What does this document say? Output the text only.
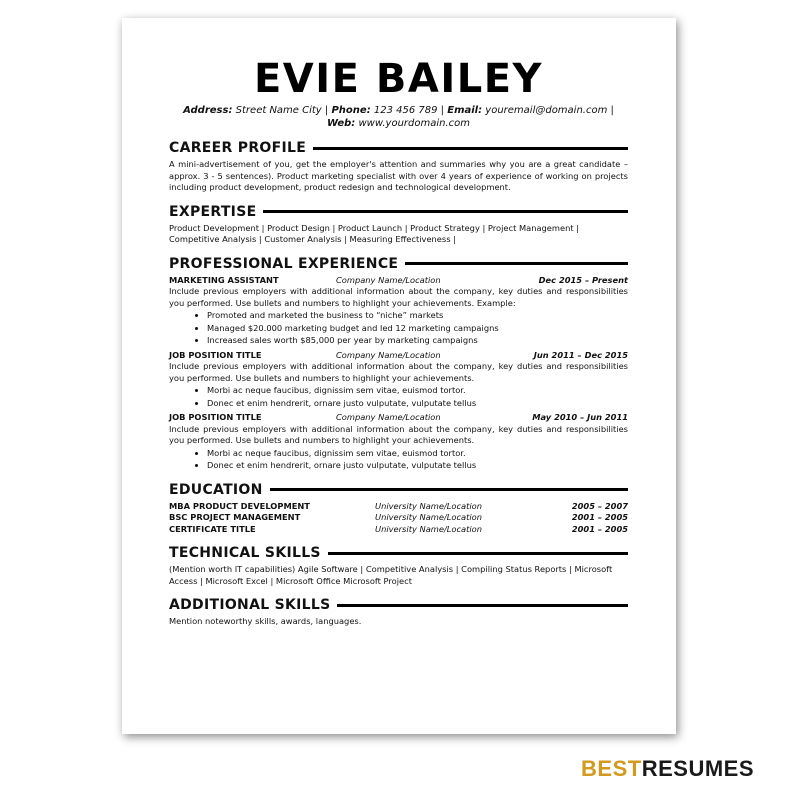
EVIE BAILEY
Address: Street Name City | Phone: 123 456 789 | Email: youremail@domain.com |
Web: www.yourdomain.com
CAREER PROFILE
A mini-advertisement of you, get the employer's attention and summaries why you are a great candidate – approx. 3 - 5 sentences). Product marketing specialist with over 4 years of experience of working on projects including product development, product redesign and technological development.
EXPERTISE
Product Development | Product Design | Product Launch | Product Strategy | Project Management | Competitive Analysis | Customer Analysis | Measuring Effectiveness |
PROFESSIONAL EXPERIENCE
MARKETING ASSISTANT	Company Name/Location	Dec 2015 – Present
Include previous employers with additional information about the company, key duties and responsibilities you performed. Use bullets and numbers to highlight your achievements. Example:
• Promoted and marketed the business to “niche” markets
• Managed $20.000 marketing budget and led 12 marketing campaigns
• Increased sales worth $85,000 per year by marketing campaigns
JOB POSITION TITLE	Company Name/Location	Jun 2011 – Dec 2015
Include previous employers with additional information about the company, key duties and responsibilities you performed. Use bullets and numbers to highlight your achievements.
• Morbi ac neque faucibus, dignissim sem vitae, euismod tortor.
• Donec et enim hendrerit, ornare justo vulputate, vulputate tellus
JOB POSITION TITLE	Company Name/Location	May 2010 – Jun 2011
Include previous employers with additional information about the company, key duties and responsibilities you performed. Use bullets and numbers to highlight your achievements.
• Morbi ac neque faucibus, dignissim sem vitae, euismod tortor.
• Donec et enim hendrerit, ornare justo vulputate, vulputate tellus
EDUCATION
MBA PRODUCT DEVELOPMENT	University Name/Location	2005 – 2007
BSC PROJECT MANAGEMENT	University Name/Location	2001 – 2005
CERTIFICATE TITLE	University Name/Location	2001 – 2005
TECHNICAL SKILLS
(Mention worth IT capabilities) Agile Software | Competitive Analysis | Compiling Status Reports | Microsoft Access | Microsoft Excel | Microsoft Office Microsoft Project
ADDITIONAL SKILLS
Mention noteworthy skills, awards, languages.
BESTRESUMES
